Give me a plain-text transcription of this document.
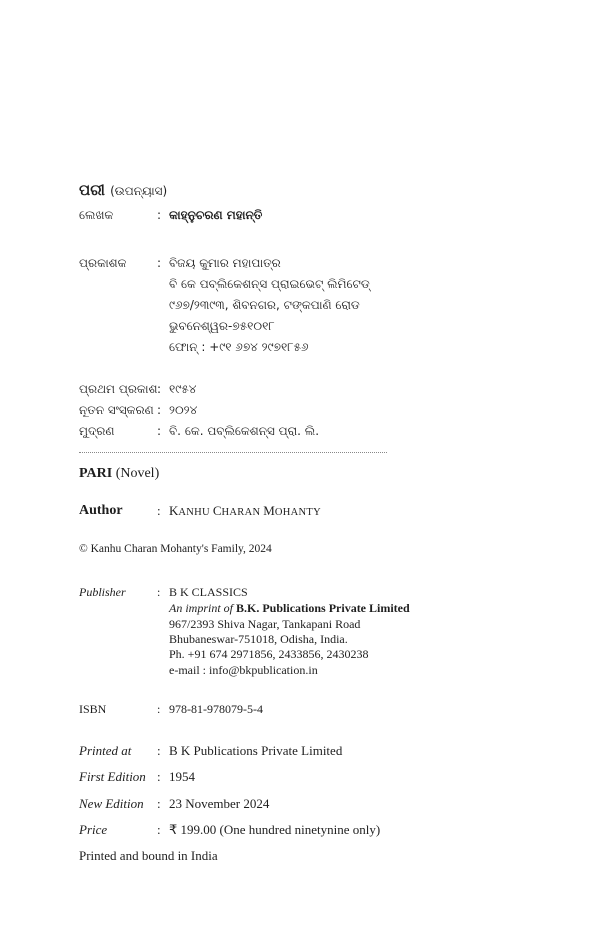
ପରୀ (ଉପନ୍ୟାସ)
ଲେଖକ	: କାହ୍ନୁଚରଣ ମହାନ୍ତି
ପ୍ରକାଶକ	: ବିଜୟ କୁମାର ମହାପାତ୍ର
ବି କେ ପବ୍ଲିକେଶନ୍ସ ପ୍ରାଇଭେଟ୍ ଲିମିଟେଡ୍
୯୬୭/୨୩୯୩, ଶିବନଗର, ଟଙ୍କପାଣି ରୋଡ
ଭୁବନେଶ୍ୱର-୭୫୧୦୧୮
ଫୋନ୍ : +୯୧ ୬୭୪ ୨୯୭୧୮୫୬
ପ୍ରଥମ ପ୍ରକାଶ : ୧୯୫୪
ନୂତନ ସଂସ୍କରଣ : ୨୦୨୪
ମୁଦ୍ରଣ	: ବି. କେ. ପବ୍ଲିକେଶନ୍ସ ପ୍ରା. ଲି.
PARI (Novel)
Author	: KANHU CHARAN MOHANTY
© Kanhu Charan Mohanty's Family, 2024
Publisher	: B K CLASSICS
An imprint of B.K. Publications Private Limited
967/2393 Shiva Nagar, Tankapani Road
Bhubaneswar-751018, Odisha, India.
Ph. +91 674 2971856, 2433856, 2430238
e-mail : info@bkpublication.in
ISBN	: 978-81-978079-5-4
Printed at : B K Publications Private Limited
First Edition : 1954
New Edition : 23 November 2024
Price	: ₹ 199.00 (One hundred ninetynine only)
Printed and bound in India
